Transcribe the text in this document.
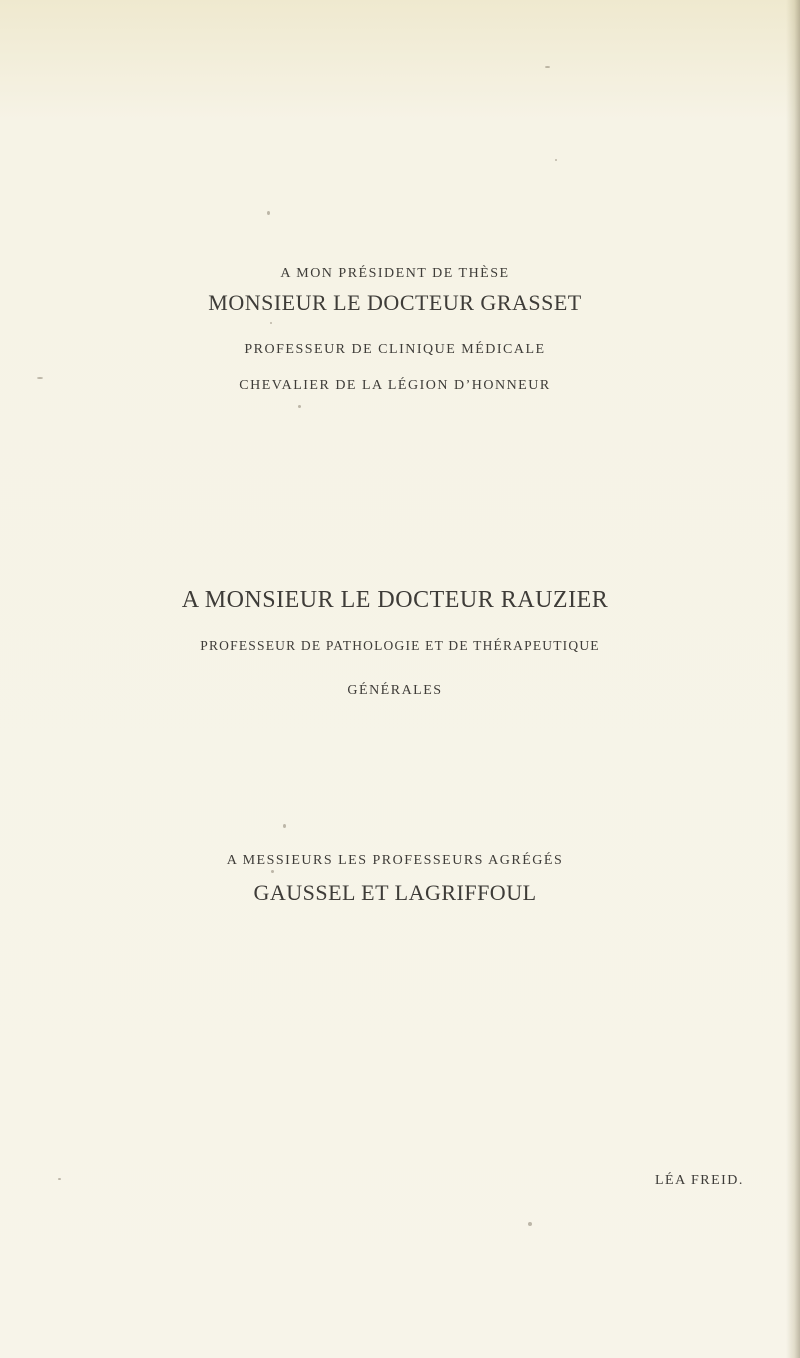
A MON PRÉSIDENT DE THÈSE
MONSIEUR LE DOCTEUR GRASSET
PROFESSEUR DE CLINIQUE MÉDICALE
CHEVALIER DE LA LÉGION D’HONNEUR
A MONSIEUR LE DOCTEUR RAUZIER
PROFESSEUR DE PATHOLOGIE ET DE THÉRAPEUTIQUE
GÉNÉRALES
A MESSIEURS LES PROFESSEURS AGRÉGÉS
GAUSSEL ET LAGRIFFOUL
LÉA FREID.
